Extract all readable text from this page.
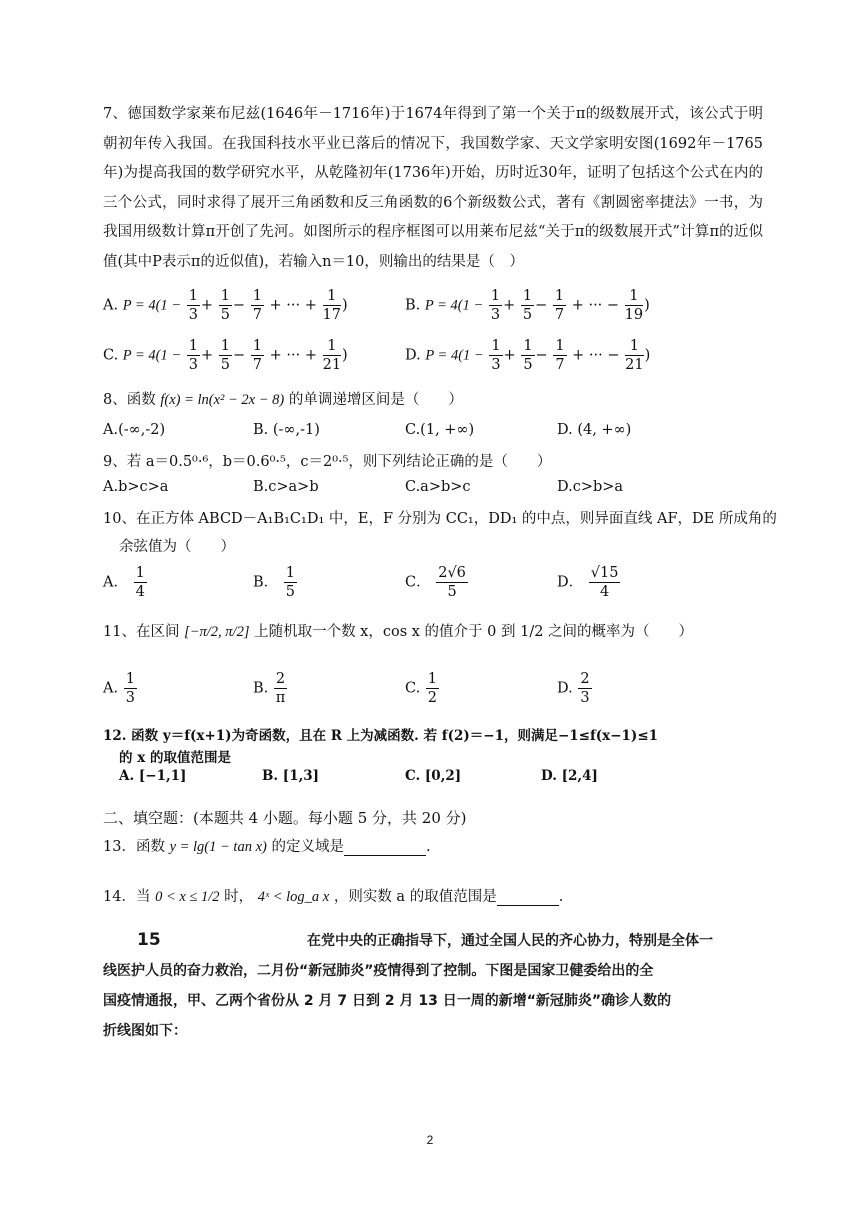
7、德国数学家莱布尼兹(1646年－1716年)于1674年得到了第一个关于π的级数展开式，该公式于明朝初年传入我国。在我国科技水平业已落后的情况下，我国数学家、天文学家明安图(1692年－1765年)为提高我国的数学研究水平，从乾隆初年(1736年)开始，历时近30年，证明了包括这个公式在内的三个公式，同时求得了展开三角函数和反三角函数的6个新级数公式，著有《割圆密率捷法》一书，为我国用级数计算π开创了先河。如图所示的程序框图可以用莱布尼兹“关于π的级数展开式”计算π的近似值(其中P表示π的近似值)，若输入n＝10，则输出的结果是（　）
A. $P = 4(1 - \frac{1}{3} + \frac{1}{5} - \frac{1}{7}$ + ··· + $\frac{1}{17}$ )	B. $P = 4(1 - \frac{1}{3} + \frac{1}{5} - \frac{1}{7}$ + ··· − $\frac{1}{19}$ )
C. $P = 4(1 - \frac{1}{3} + \frac{1}{5} - \frac{1}{7}$ + ··· + $\frac{1}{21}$ )	D. $P = 4(1 - \frac{1}{3} + \frac{1}{5} - \frac{1}{7}$ + ··· − $\frac{1}{21}$ )
8、函数 f(x) = ln(x² − 2x − 8) 的单调递增区间是（　　）
A.(-∞,-2)	B. (-∞,-1)	C.(1, +∞)	D. (4, +∞)
9、若 a＝0.5⁰·⁶，b＝0.6⁰·⁵，c＝2⁰·⁵，则下列结论正确的是（　　）
A.b>c>a	B.c>a>b	C.a>b>c	D.c>b>a
10、在正方体 ABCD－A₁B₁C₁D₁ 中，E，F 分别为 CC₁，DD₁ 的中点，则异面直线 AF，DE 所成角的
余弦值为（　　）
A． $\frac{1}{4}$	B． $\frac{1}{5}$	C． $\frac{2√6}{5}$	D． $\frac{√15}{4}$
11、在区间 [−π/2, π/2] 上随机取一个数 x，cos x 的值介于 0 到 1/2 之间的概率为（　　）
A. $\frac{1}{3}$	B. $\frac{2}{\pi}$	C. $\frac{1}{2}$	D. $\frac{2}{3}$
12. 函数 y＝f(x+1)为奇函数，且在 R 上为减函数. 若 f(2)＝−1，则满足−1≤f(x−1)≤1
的 x 的取值范围是
A. [−1,1]	B. [1,3]	C. [0,2]	D. [2,4]
二、填空题：(本题共 4 小题。每小题 5 分，共 20 分)
13．函数 y = lg(1 − tan x) 的定义域是	.
14．当 0 < x ≤ 1/2 时， 4ˣ < log_a x ，则实数 a 的取值范围是	.
15	在党中央的正确指导下，通过全国人民的齐心协力，特别是全体一
线医护人员的奋力救治，二月份“新冠肺炎”疫情得到了控制。下图是国家卫健委给出的全
国疫情通报，甲、乙两个省份从 2 月 7 日到 2 月 13 日一周的新增“新冠肺炎”确诊人数的
折线图如下：
2
